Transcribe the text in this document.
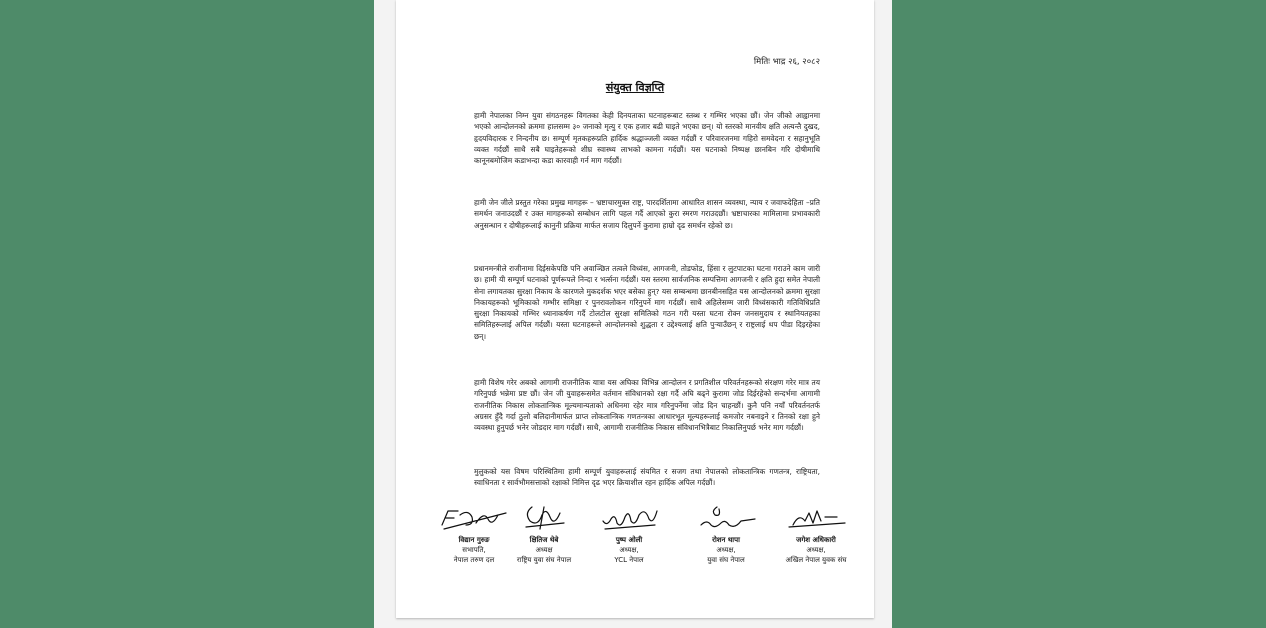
मितिः भाद्र २६, २०८२
संयुक्त विज्ञप्ति

हामी नेपालका निम्न युवा संगठनहरू विगतका केही दिनयताका घटनाहरूबाट स्तब्ध र गम्भिर भएका छौं। जेन जीको आह्वानमा भएको आन्दोलनको क्रममा हालसम्म ३० जनाको मृत्यु र एक हजार बढी घाइते भएका छन्। यो स्तरको मानवीय क्षति अत्यन्तै दुखद, हृदयविदारक र निन्दनीय छ। सम्पूर्ण मृतकहरूप्रति हार्दिक श्रद्धाञ्जली व्यक्त गर्दछौं र परिवारजनमा गहिरो समवेदना र सहानुभूति व्यक्त गर्दछौं साथै सबै घाइतेहरूको शीघ्र स्वास्थ्य लाभको कामना गर्दछौं। यस घटनाको निष्पक्ष छानबिन गरि दोषीमाथि कानूनबमोजिम कडाभन्दा कडा कारवाही गर्न माग गर्दछौं।

हामी जेन जीले प्रस्तुत गरेका प्रमुख मागहरू – भ्रष्टाचारमुक्त राष्ट्र, पारदर्शितामा आधारित शासन व्यवस्था, न्याय र जवाफदेहिता –प्रति समर्थन जनाउदछौं र उक्त मागहरूको सम्बोधन लागि पहल गर्दै आएको कुरा स्मरण गराउदछौं। भ्रष्टाचारका मामिलामा प्रभावकारी अनुसन्धान र दोषीहरूलाई कानुनी प्रक्रिया मार्फत सजाय दिलुपर्ने कुरामा हाम्रो दृढ समर्थन रहेको छ।

प्रधानमन्त्रीले राजीनामा दिईसकेपछि पनि अवाञ्छित तत्वले विध्वंस, आगजनी, तोडफोड, हिंसा र लुटपाटका घटना गराउने काम जारी छ। हामी यी सम्पूर्ण घटनाको पूर्णरूपले निन्दा र भर्त्सना गर्दछौं। यस स्तरमा सार्वजनिक सम्पत्तिमा आगजनी र क्षति हुदा समेत नेपाली सेना लगायतका सुरक्षा निकाय के कारणले मुकदर्शक भएर बसेका हुन्? यस सम्बन्धमा छानबीनसहित यस आन्दोलनको क्रममा सुरक्षा निकायहरूको भूमिकाको गम्भीर समिक्षा र पुनरावलोकन गरिनुपर्ने माग गर्दछौं। साथै अहिलेसम्म जारी विध्वंसकारी गतिविधिप्रति सुरक्षा निकायको गम्भिर ध्यानाकर्षण गर्दै टोलटोल सुरक्षा समितिको गठन गरी यस्ता घटना रोक्न जनसमुदाय र स्थानियतहका समितिहरूलाई अपिल गर्दछौं। यस्ता घटनाहरूले आन्दोलनको शुद्धता र उद्देश्यलाई क्षति पुऱ्याउँछन् र राष्ट्रलाई थप पीडा दिइरहेका छन्।

हामी विशेष गरेर अबको आगामी राजनीतिक यात्रा यस अघिका विभिन्न आन्दोलन र प्रगतिशील परिवर्तनहरूको संरक्षण गरेर मात्र तय गरिनुपर्छ भन्नेमा प्रष्ट छौं। जेन जी युवाहरूसमेत वर्तमान संविधानको रक्षा गर्दै अघि बढ्ने कुरामा जोड दिईरहेको सन्दर्भमा आगामी राजनीतिक निकास लोकतान्त्रिक मूल्यमान्यताको अधिनमा रहेर मात्र गरिनुपर्नेमा जोड दिन चाहन्छौं। कुनै पनि नयाँ परिवर्तनतर्फ अग्रसर हुँदै गर्दा ठुलो बलिदानीमार्फत प्राप्त लोकतान्त्रिक गणतन्त्रका आधारभूत मूल्यहरूलाई कमजोर नबनाइने र तिनको रक्षा हुने व्यवस्था हुनुपर्छ भनेर जोडदार माग गर्दछौं। साथै, आगामी राजनीतिक निकास संविधानभित्रैबाट निकालिनुपर्छ भनेर माग गर्दछौं।

मुलुकको यस विषम परिस्थितिमा हामी सम्पूर्ण युवाहरूलाई संयमित र सजग तथा नेपालको लोकतान्त्रिक गणतन्त्र, राष्ट्रियता, स्वाधिनता र सार्वभौमसत्ताको रक्षाको निमित्त दृढ भएर क्रियाशील रहन हार्दिक अपिल गर्दछौं।

विद्यान गुरुङ
सभापति,
नेपाल तरुण दल
क्षितिज थेबे
अध्यक्ष
राष्ट्रिय युवा संघ नेपाल
पुष्प ओली
अध्यक्ष,
YCL नेपाल
रोशन थापा
अध्यक्ष,
युवा संघ नेपाल
जगेश अधिकारी
अध्यक्ष,
अखिल नेपाल युवक संघ
